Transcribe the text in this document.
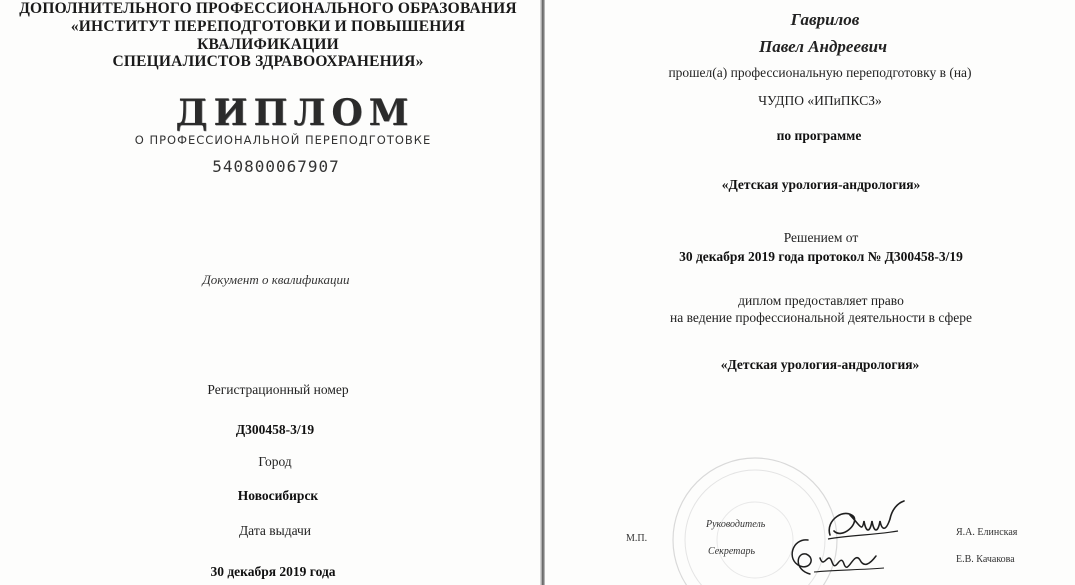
ДОПОЛНИТЕЛЬНОГО ПРОФЕССИОНАЛЬНОГО ОБРАЗОВАНИЯ
«ИНСТИТУТ ПЕРЕПОДГОТОВКИ И ПОВЫШЕНИЯ
КВАЛИФИКАЦИИ
СПЕЦИАЛИСТОВ ЗДРАВООХРАНЕНИЯ»
ДИПЛОМ
О ПРОФЕССИОНАЛЬНОЙ ПЕРЕПОДГОТОВКЕ
540800067907
Документ о квалификации
Регистрационный номер
Д300458-3/19
Город
Новосибирск
Дата выдачи
30 декабря 2019 года
Гаврилов
Павел Андреевич
прошел(а) профессиональную переподготовку в (на)
ЧУДПО «ИПиПКСЗ»
по программе
«Детская урология-андрология»
Решением от
30 декабря 2019 года протокол № Д300458-3/19
диплом предоставляет право
на ведение профессиональной деятельности в сфере
«Детская урология-андрология»
М.П.
Руководитель
Секретарь
Я.А. Елинская
Е.В. Качакова
